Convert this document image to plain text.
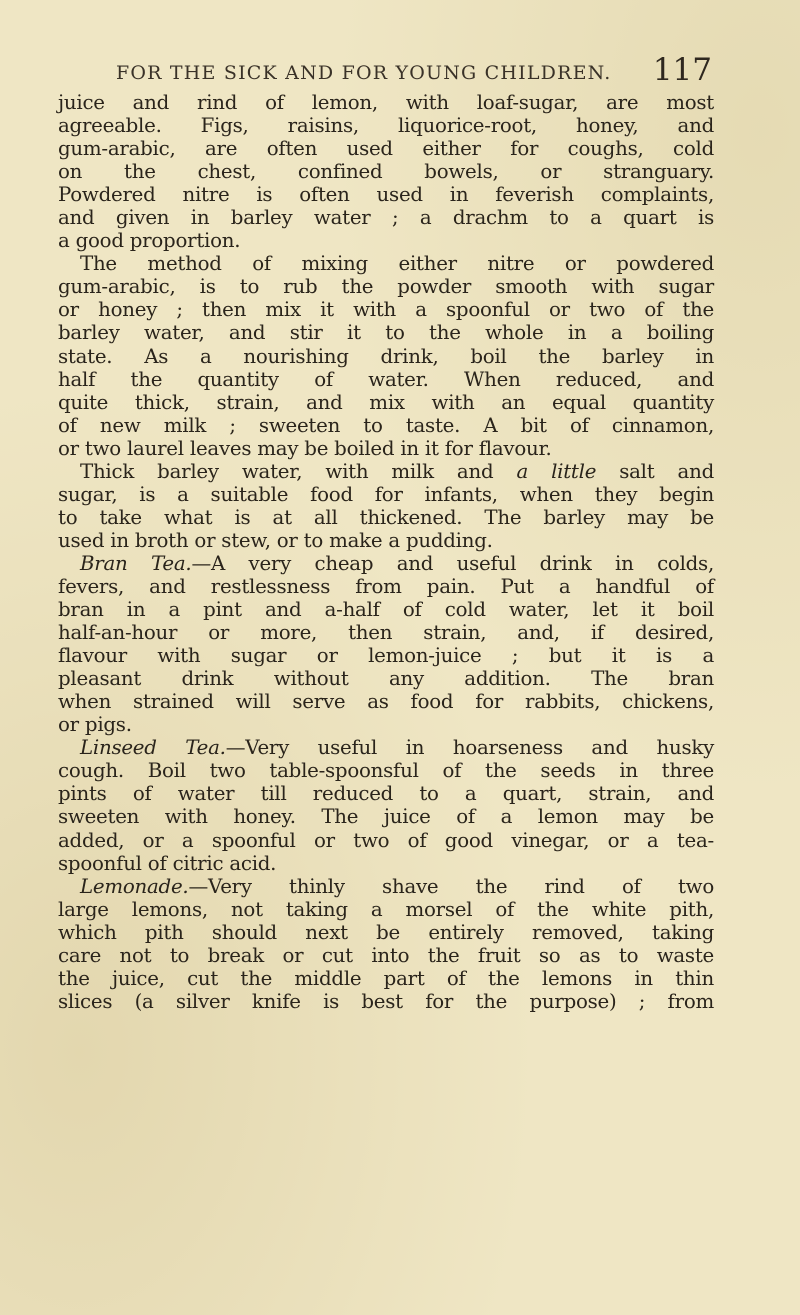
FOR THE SICK AND FOR YOUNG CHILDREN. 117
juice and rind of lemon, with loaf-sugar, are most
agreeable. Figs, raisins, liquorice-root, honey, and
gum-arabic, are often used either for coughs, cold
on the chest, confined bowels, or stranguary.
Powdered nitre is often used in feverish complaints,
and given in barley water ; a drachm to a quart is
a good proportion.
The method of mixing either nitre or powdered
gum-arabic, is to rub the powder smooth with sugar
or honey ; then mix it with a spoonful or two of the
barley water, and stir it to the whole in a boiling
state. As a nourishing drink, boil the barley in
half the quantity of water. When reduced, and
quite thick, strain, and mix with an equal quantity
of new milk ; sweeten to taste. A bit of cinnamon,
or two laurel leaves may be boiled in it for flavour.
Thick barley water, with milk and a little salt and
sugar, is a suitable food for infants, when they begin
to take what is at all thickened. The barley may be
used in broth or stew, or to make a pudding.
Bran Tea.—A very cheap and useful drink in colds,
fevers, and restlessness from pain. Put a handful of
bran in a pint and a-half of cold water, let it boil
half-an-hour or more, then strain, and, if desired,
flavour with sugar or lemon-juice ; but it is a
pleasant drink without any addition. The bran
when strained will serve as food for rabbits, chickens,
or pigs.
Linseed Tea.—Very useful in hoarseness and husky
cough. Boil two table-spoonsful of the seeds in three
pints of water till reduced to a quart, strain, and
sweeten with honey. The juice of a lemon may be
added, or a spoonful or two of good vinegar, or a tea-
spoonful of citric acid.
Lemonade.—Very thinly shave the rind of two
large lemons, not taking a morsel of the white pith,
which pith should next be entirely removed, taking
care not to break or cut into the fruit so as to waste
the juice, cut the middle part of the lemons in thin
slices (a silver knife is best for the purpose) ; from
